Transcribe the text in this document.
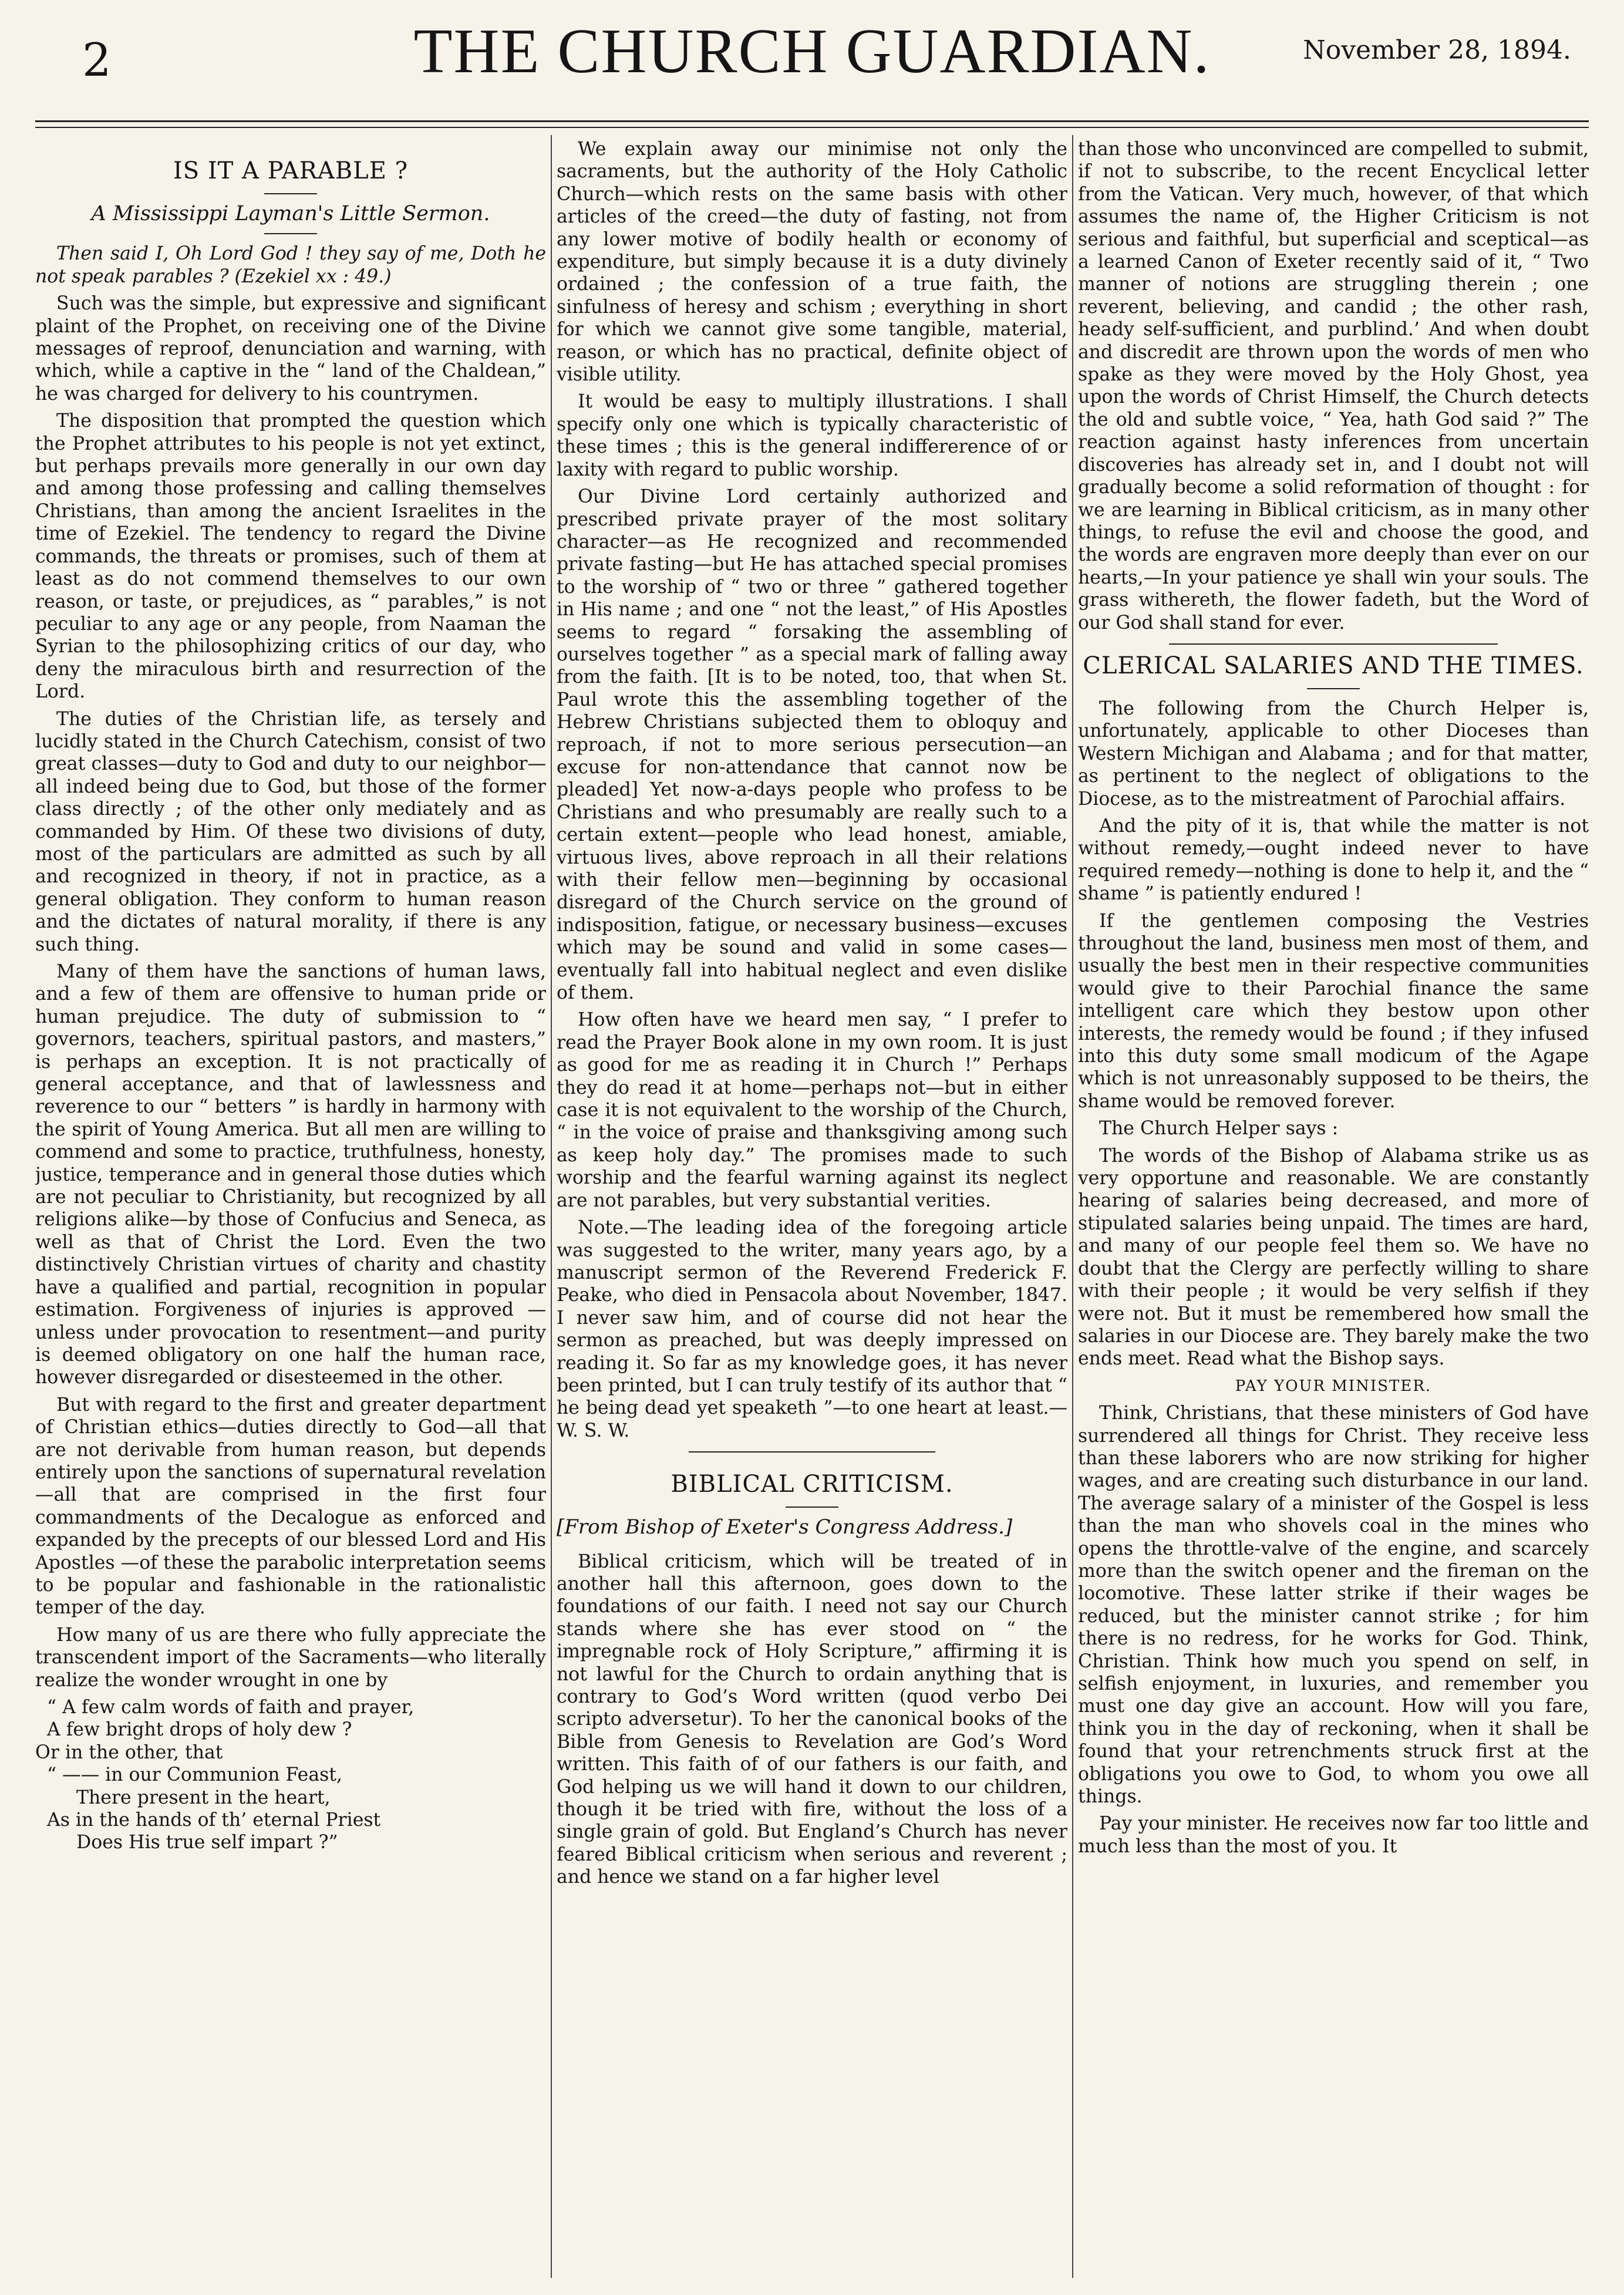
2	THE CHURCH GUARDIAN.	November 28, 1894.
IS IT A PARABLE ?
A Mississippi Layman's Little Sermon.

Then said I, Oh Lord God ! they say of me, Doth he not speak parables ? (Ezekiel xx : 49.)

Such was the simple, but expressive and significant plaint of the Prophet, on receiving one of the Divine messages of reproof, denunciation and warning, with which, while a captive in the “ land of the Chaldean,” he was charged for delivery to his countrymen.

The disposition that prompted the question which the Prophet attributes to his people is not yet extinct, but perhaps prevails more generally in our own day and among those professing and calling themselves Christians, than among the ancient Israelites in the time of Ezekiel. The tendency to regard the Divine commands, the threats or promises, such of them at least as do not commend themselves to our own reason, or taste, or prejudices, as “ parables,” is not peculiar to any age or any people, from Naaman the Syrian to the philosophizing critics of our day, who deny the miraculous birth and resurrection of the Lord.

The duties of the Christian life, as tersely and lucidly stated in the Church Catechism, consist of two great classes—duty to God and duty to our neighbor—all indeed being due to God, but those of the former class directly ; of the other only mediately and as commanded by Him. Of these two divisions of duty, most of the particulars are admitted as such by all and recognized in theory, if not in practice, as a general obligation. They conform to human reason and the dictates of natural morality, if there is any such thing.

Many of them have the sanctions of human laws, and a few of them are offensive to human pride or human prejudice. The duty of submission to “ governors, teachers, spiritual pastors, and masters,” is perhaps an exception. It is not practically of general acceptance, and that of lawlessness and reverence to our “ betters ” is hardly in harmony with the spirit of Young America. But all men are willing to commend and some to practice, truthfulness, honesty, justice, temperance and in general those duties which are not peculiar to Christianity, but recognized by all religions alike—by those of Confucius and Seneca, as well as that of Christ the Lord. Even the two distinctively Christian virtues of charity and chastity have a qualified and partial, recognition in popular estimation. Forgiveness of injuries is approved —unless under provocation to resentment—and purity is deemed obligatory on one half the human race, however disregarded or disesteemed in the other.

But with regard to the first and greater department of Christian ethics—duties directly to God—all that are not derivable from human reason, but depends entirely upon the sanctions of supernatural revelation—all that are comprised in the first four commandments of the Decalogue as enforced and expanded by the precepts of our blessed Lord and His Apostles —of these the parabolic interpretation seems to be popular and fashionable in the rationalistic temper of the day.

How many of us are there who fully appreciate the transcendent import of the Sacraments—who literally realize the wonder wrought in one by

“ A few calm words of faith and prayer,
A few bright drops of holy dew ?
Or in the other, that
“ —— in our Communion Feast,
There present in the heart,
As in the hands of th’ eternal Priest
Does His true self impart ?”

We explain away our minimise not only the sacraments, but the authority of the Holy Catholic Church—which rests on the same basis with other articles of the creed—the duty of fasting, not from any lower motive of bodily health or economy of expenditure, but simply because it is a duty divinely ordained ; the confession of a true faith, the sinfulness of heresy and schism ; everything in short for which we cannot give some tangible, material, reason, or which has no practical, definite object of visible utility.

It would be easy to multiply illustrations. I shall specify only one which is typically characteristic of these times ; this is the general indiffererence of or laxity with regard to public worship.

Our Divine Lord certainly authorized and prescribed private prayer of the most solitary character—as He recognized and recommended private fasting—but He has attached special promises to the worship of “ two or three ” gathered together in His name ; and one “ not the least,” of His Apostles seems to regard “ forsaking the assembling of ourselves together ” as a special mark of falling away from the faith. [It is to be noted, too, that when St. Paul wrote this the assembling together of the Hebrew Christians subjected them to obloquy and reproach, if not to more serious persecution—an excuse for non-attendance that cannot now be pleaded] Yet now-a-days people who profess to be Christians and who presumably are really such to a certain extent—people who lead honest, amiable, virtuous lives, above reproach in all their relations with their fellow men—beginning by occasional disregard of the Church service on the ground of indisposition, fatigue, or necessary business—excuses which may be sound and valid in some cases—eventually fall into habitual neglect and even dislike of them.

How often have we heard men say, “ I prefer to read the Prayer Book alone in my own room. It is just as good for me as reading it in Church !” Perhaps they do read it at home—perhaps not—but in either case it is not equivalent to the worship of the Church, “ in the voice of praise and thanksgiving among such as keep holy day.” The promises made to such worship and the fearful warning against its neglect are not parables, but very substantial verities.

Note.—The leading idea of the foregoing article was suggested to the writer, many years ago, by a manuscript sermon of the Reverend Frederick F. Peake, who died in Pensacola about November, 1847. I never saw him, and of course did not hear the sermon as preached, but was deeply impressed on reading it. So far as my knowledge goes, it has never been printed, but I can truly testify of its author that “ he being dead yet speaketh ”—to one heart at least.—W. S. W.

BIBLICAL CRITICISM.
[From Bishop of Exeter's Congress Address.]

Biblical criticism, which will be treated of in another hall this afternoon, goes down to the foundations of our faith. I need not say our Church stands where she has ever stood on “ the impregnable rock of Holy Scripture,” affirming it is not lawful for the Church to ordain anything that is contrary to God’s Word written (quod verbo Dei scripto adversetur). To her the canonical books of the Bible from Genesis to Revelation are God’s Word written. This faith of of our fathers is our faith, and God helping us we will hand it down to our children, though it be tried with fire, without the loss of a single grain of gold. But England’s Church has never feared Biblical criticism when serious and reverent ; and hence we stand on a far higher level

than those who unconvinced are compelled to submit, if not to subscribe, to the recent Encyclical letter from the Vatican. Very much, however, of that which assumes the name of, the Higher Criticism is not serious and faithful, but superficial and sceptical—as a learned Canon of Exeter recently said of it, “ Two manner of notions are struggling therein ; one reverent, believing, and candid ; the other rash, heady self-sufficient, and purblind.’ And when doubt and discredit are thrown upon the words of men who spake as they were moved by the Holy Ghost, yea upon the words of Christ Himself, the Church detects the old and subtle voice, “ Yea, hath God said ?” The reaction against hasty inferences from uncertain discoveries has already set in, and I doubt not will gradually become a solid reformation of thought : for we are learning in Biblical criticism, as in many other things, to refuse the evil and choose the good, and the words are engraven more deeply than ever on our hearts,—In your patience ye shall win your souls. The grass withereth, the flower fadeth, but the Word of our God shall stand for ever.

CLERICAL SALARIES AND THE TIMES.

The following from the Church Helper is, unfortunately, applicable to other Dioceses than Western Michigan and Alabama ; and for that matter, as pertinent to the neglect of obligations to the Diocese, as to the mistreatment of Parochial affairs.

And the pity of it is, that while the matter is not without remedy,—ought indeed never to have required remedy—nothing is done to help it, and the “ shame ” is patiently endured !

If the gentlemen composing the Vestries throughout the land, business men most of them, and usually the best men in their respective communities would give to their Parochial finance the same intelligent care which they bestow upon other interests, the remedy would be found ; if they infused into this duty some small modicum of the Agape which is not unreasonably supposed to be theirs, the shame would be removed forever.

The Church Helper says :

The words of the Bishop of Alabama strike us as very opportune and reasonable. We are constantly hearing of salaries being decreased, and more of stipulated salaries being unpaid. The times are hard, and many of our people feel them so. We have no doubt that the Clergy are perfectly willing to share with their people ; it would be very selfish if they were not. But it must be remembered how small the salaries in our Diocese are. They barely make the two ends meet. Read what the Bishop says.

PAY YOUR MINISTER.

Think, Christians, that these ministers of God have surrendered all things for Christ. They receive less than these laborers who are now striking for higher wages, and are creating such disturbance in our land. The average salary of a minister of the Gospel is less than the man who shovels coal in the mines who opens the throttle-valve of the engine, and scarcely more than the switch opener and the fireman on the locomotive. These latter strike if their wages be reduced, but the minister cannot strike ; for him there is no redress, for he works for God. Think, Christian. Think how much you spend on self, in selfish enjoyment, in luxuries, and remember you must one day give an account. How will you fare, think you in the day of reckoning, when it shall be found that your retrenchments struck first at the obligations you owe to God, to whom you owe all things.

Pay your minister. He receives now far too little and much less than the most of you. It
